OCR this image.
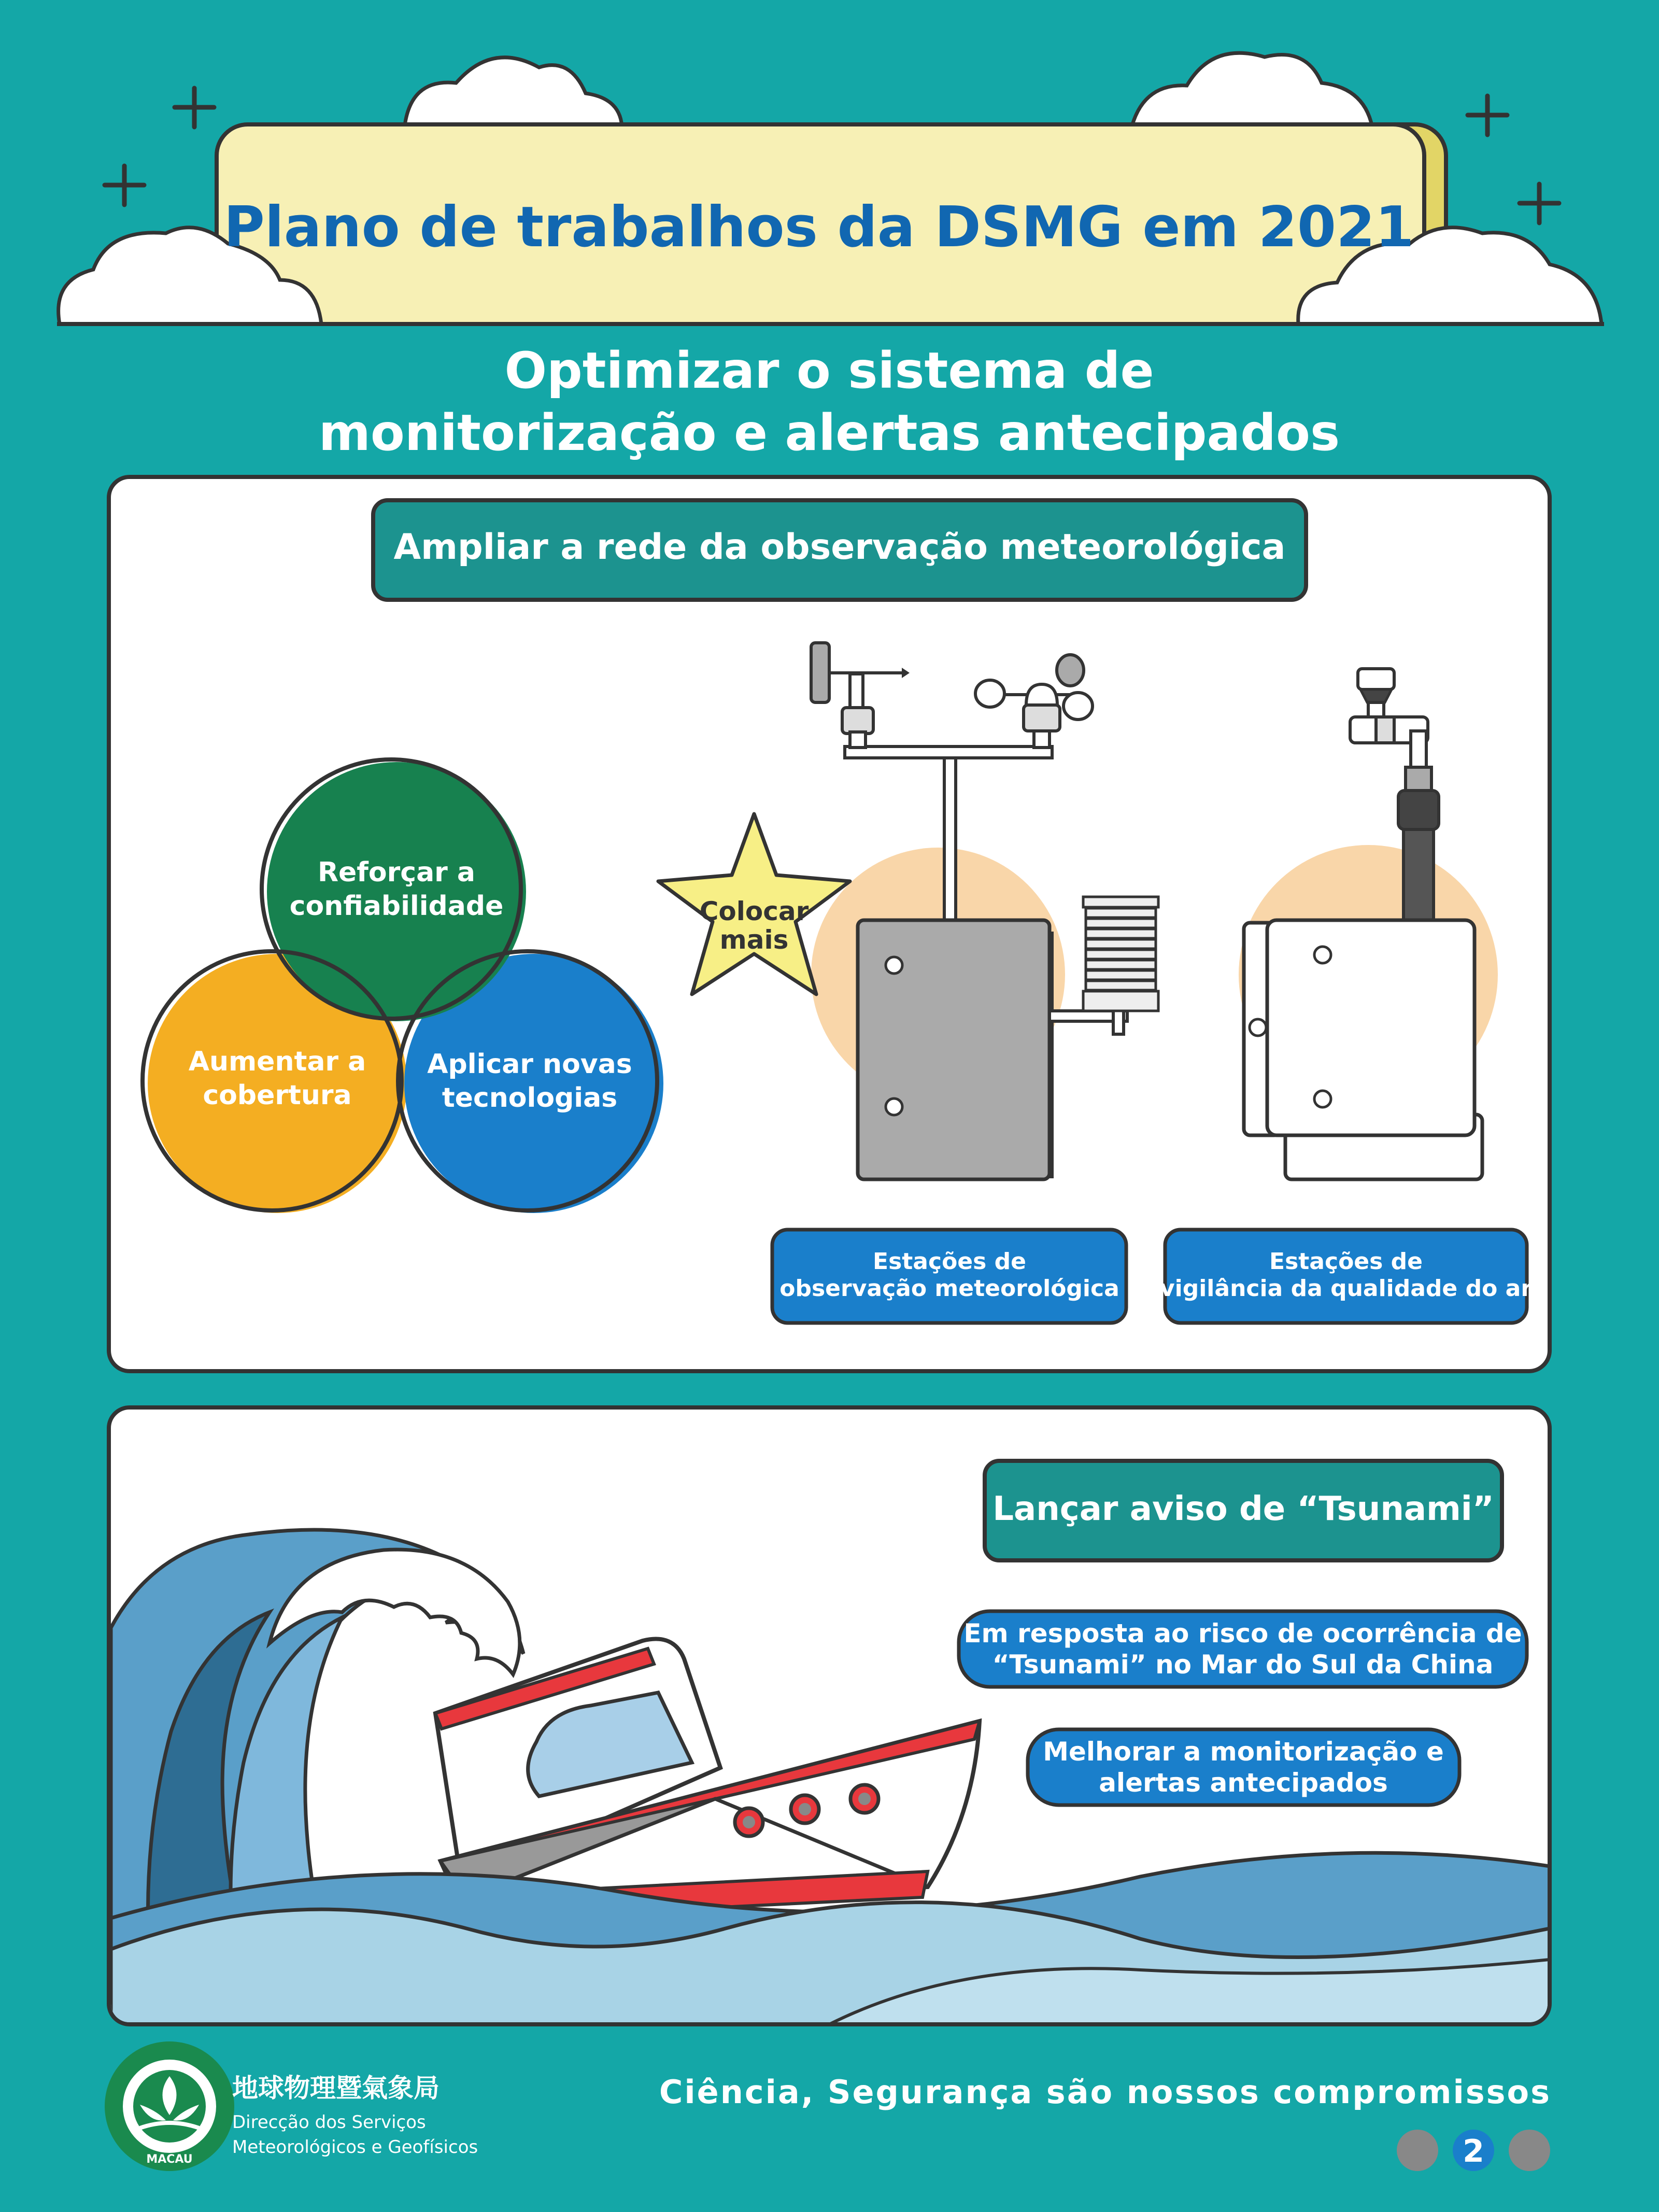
Plano de trabalhos da DSMG em 2021
Optimizar o sistema de
monitorização e alertas antecipados
Ampliar a rede da observação meteorológica
Reforçar a
confiabilidade
Aumentar a
cobertura
Aplicar novas
tecnologias
Colocar
mais
Estações de
observação meteorológica
Estações de
vigilância da qualidade do ar
Lançar aviso de “Tsunami”
Em resposta ao risco de ocorrência de
“Tsunami” no Mar do Sul da China
Melhorar a monitorização e
alertas antecipados
MACAU
地球物理暨氣象局
Direcção dos Serviços
Meteorológicos e Geofísicos
Ciência, Segurança são nossos compromissos
2
